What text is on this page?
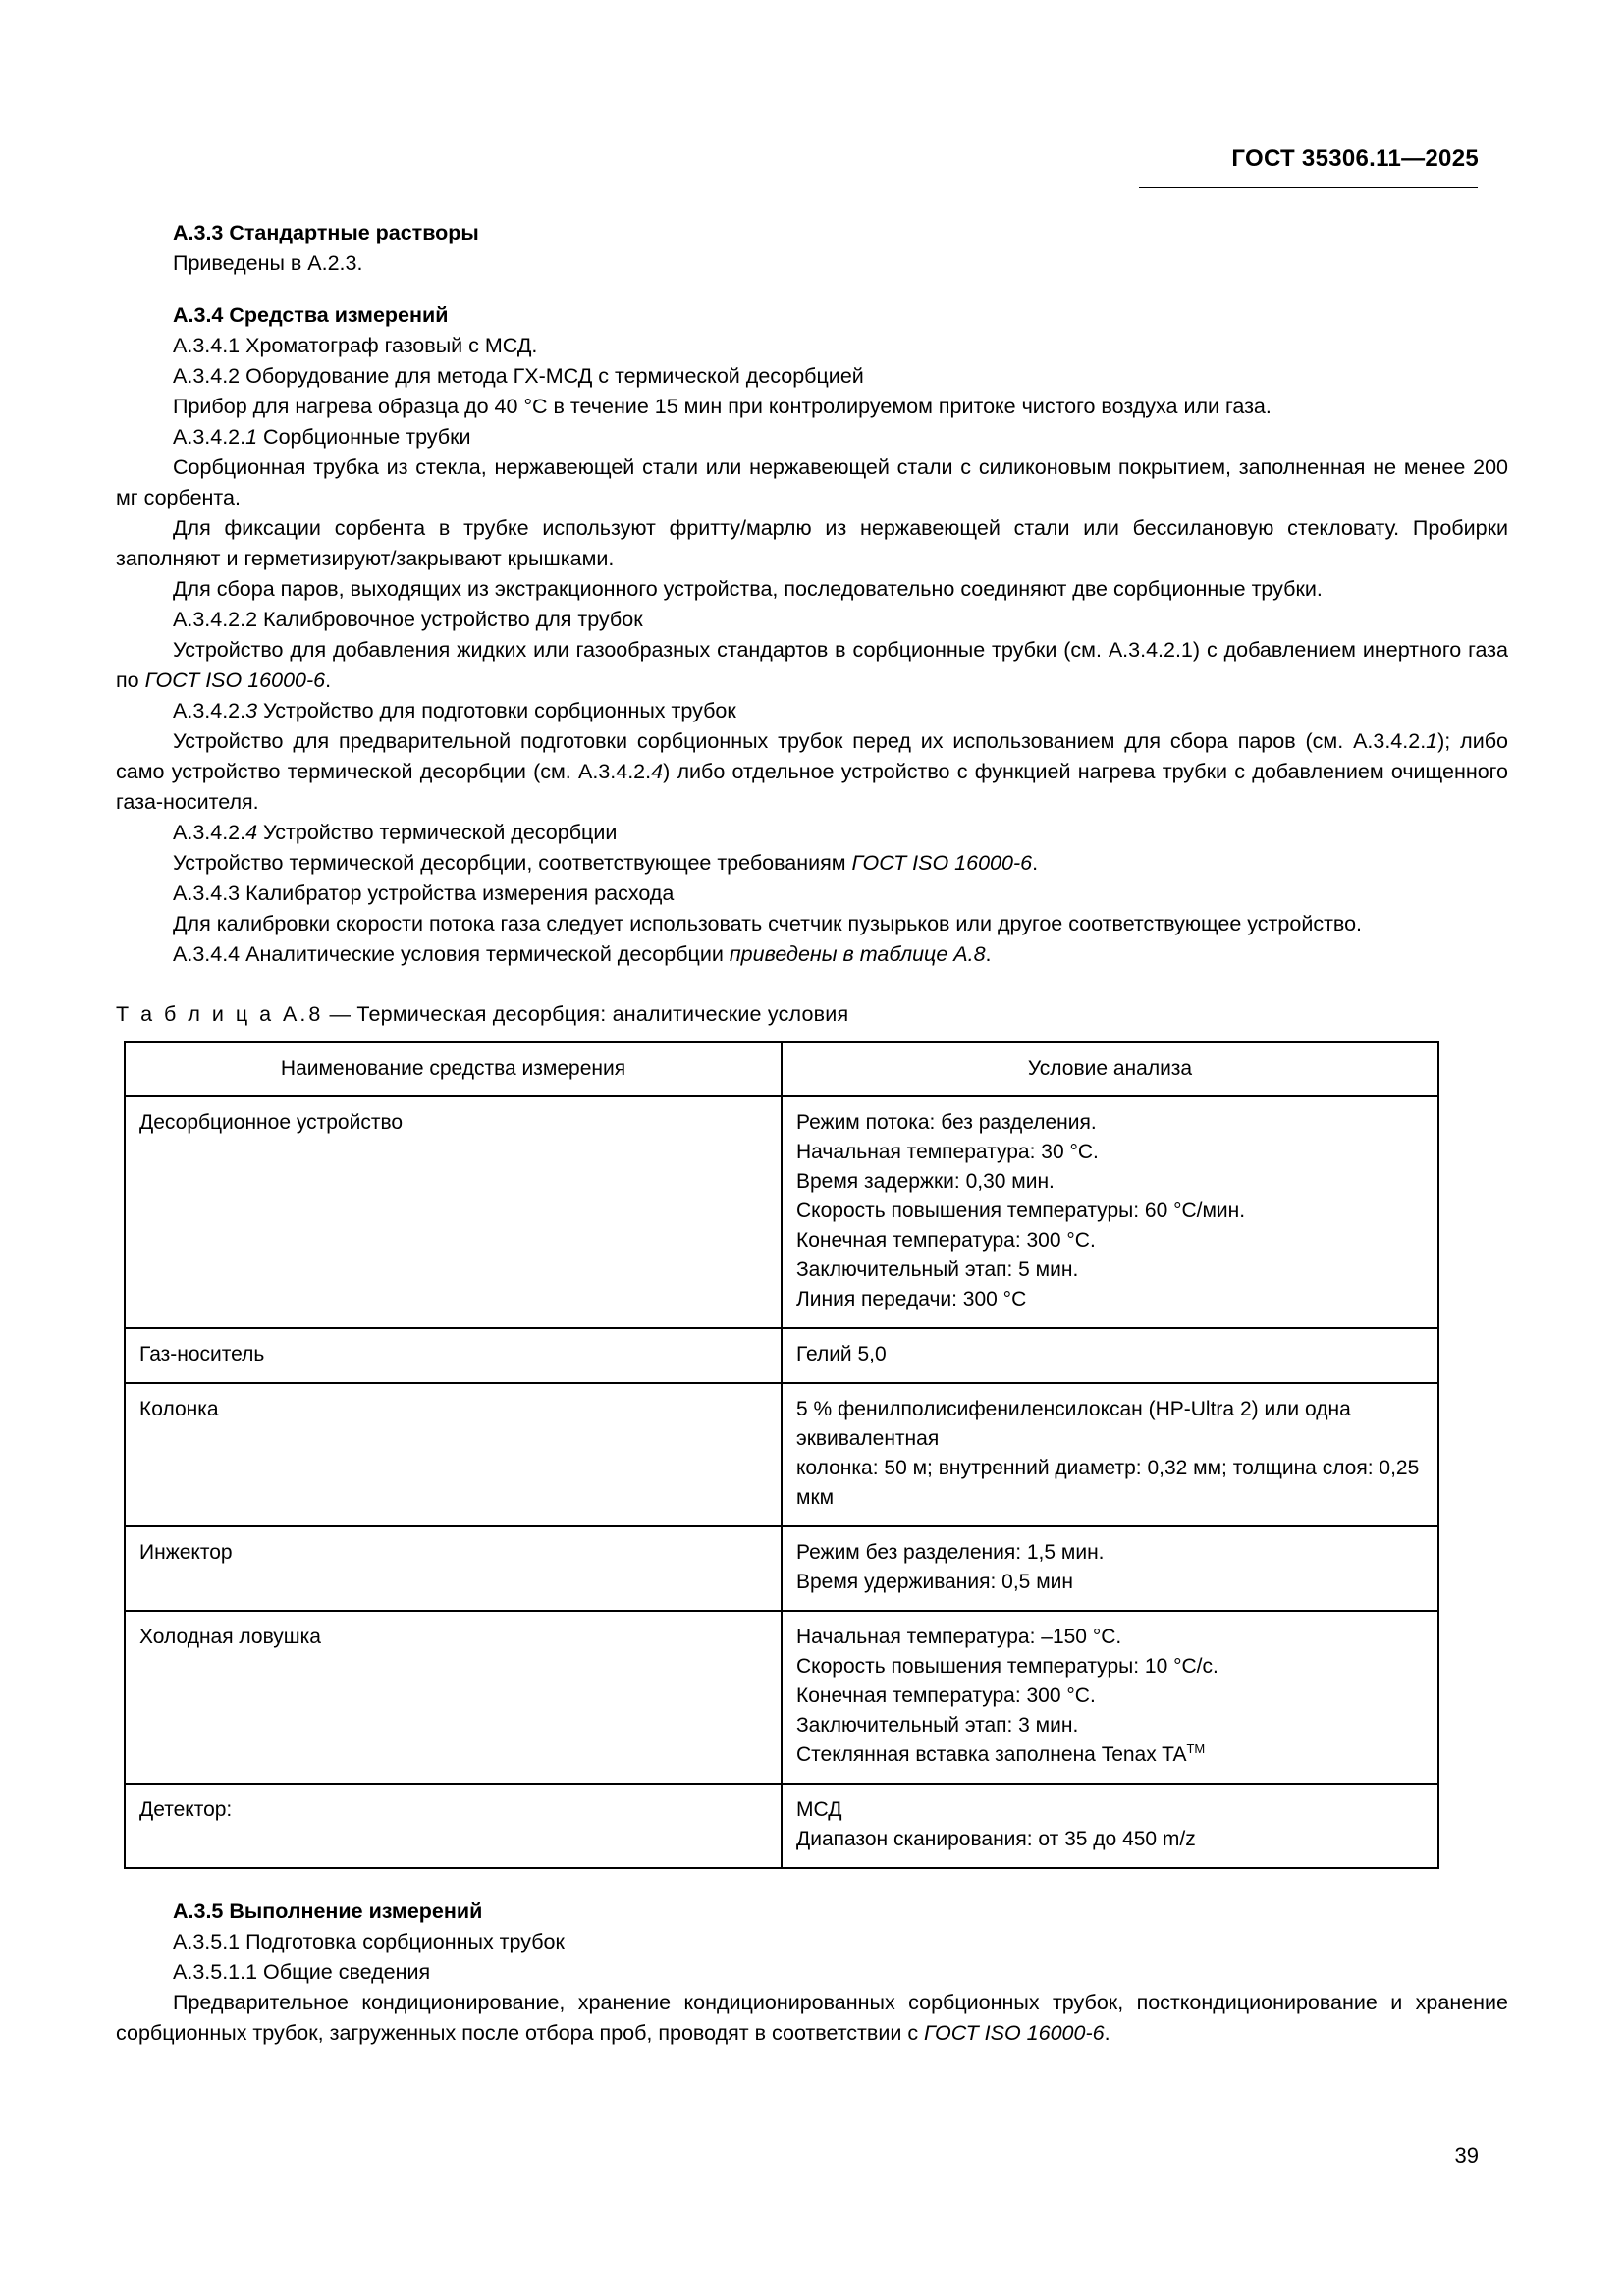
ГОСТ 35306.11—2025
А.3.3 Стандартные растворы

Приведены в А.2.3.

А.3.4 Средства измерений

А.3.4.1 Хроматограф газовый с МСД.

А.3.4.2 Оборудование для метода ГХ-МСД с термической десорбцией

Прибор для нагрева образца до 40 °С в течение 15 мин при контролируемом притоке чистого воздуха или газа.

А.3.4.2.1 Сорбционные трубки

Сорбционная трубка из стекла, нержавеющей стали или нержавеющей стали с силиконовым покрытием, заполненная не менее 200 мг сорбента.

Для фиксации сорбента в трубке используют фритту/марлю из нержавеющей стали или бессилановую стекловату. Пробирки заполняют и герметизируют/закрывают крышками.

Для сбора паров, выходящих из экстракционного устройства, последовательно соединяют две сорбционные трубки.

А.3.4.2.2 Калибровочное устройство для трубок

Устройство для добавления жидких или газообразных стандартов в сорбционные трубки (см. А.3.4.2.1) с добавлением инертного газа по ГОСТ ISO 16000-6.

А.3.4.2.3 Устройство для подготовки сорбционных трубок

Устройство для предварительной подготовки сорбционных трубок перед их использованием для сбора паров (см. А.3.4.2.1); либо само устройство термической десорбции (см. А.3.4.2.4) либо отдельное устройство с функцией нагрева трубки с добавлением очищенного газа-носителя.

А.3.4.2.4 Устройство термической десорбции

Устройство термической десорбции, соответствующее требованиям ГОСТ ISO 16000-6.

А.3.4.3 Калибратор устройства измерения расхода

Для калибровки скорости потока газа следует использовать счетчик пузырьков или другое соответствующее устройство.

А.3.4.4 Аналитические условия термической десорбции приведены в таблице А.8.

Т а б л и ц а А.8 — Термическая десорбция: аналитические условия
Наименование средства измерения	Условие анализа
Десорбционное устройство	Режим потока: без разделения.
Начальная температура: 30 °С.
Время задержки: 0,30 мин.
Скорость повышения температуры: 60 °С/мин.
Конечная температура: 300 °С.
Заключительный этап: 5 мин.
Линия передачи: 300 °С

Газ-носитель	Гелий 5,0

Колонка	5 % фенилполисифениленсилоксан (HP-Ultra 2) или одна эквивалентная
колонка: 50 м; внутренний диаметр: 0,32 мм; толщина слоя: 0,25 мкм

Инжектор	Режим без разделения: 1,5 мин.
Время удерживания: 0,5 мин

Холодная ловушка	Начальная температура: –150 °С.
Скорость повышения температуры: 10 °С/с.
Конечная температура: 300 °С.
Заключительный этап: 3 мин.
Стеклянная вставка заполнена Tenax TA™

Детектор:	МСД
Диапазон сканирования: от 35 до 450 m/z
А.3.5 Выполнение измерений

А.3.5.1 Подготовка сорбционных трубок

А.3.5.1.1 Общие сведения

Предварительное кондиционирование, хранение кондиционированных сорбционных трубок, посткондиционирование и хранение сорбционных трубок, загруженных после отбора проб, проводят в соответствии с ГОСТ ISO 16000-6.

39
